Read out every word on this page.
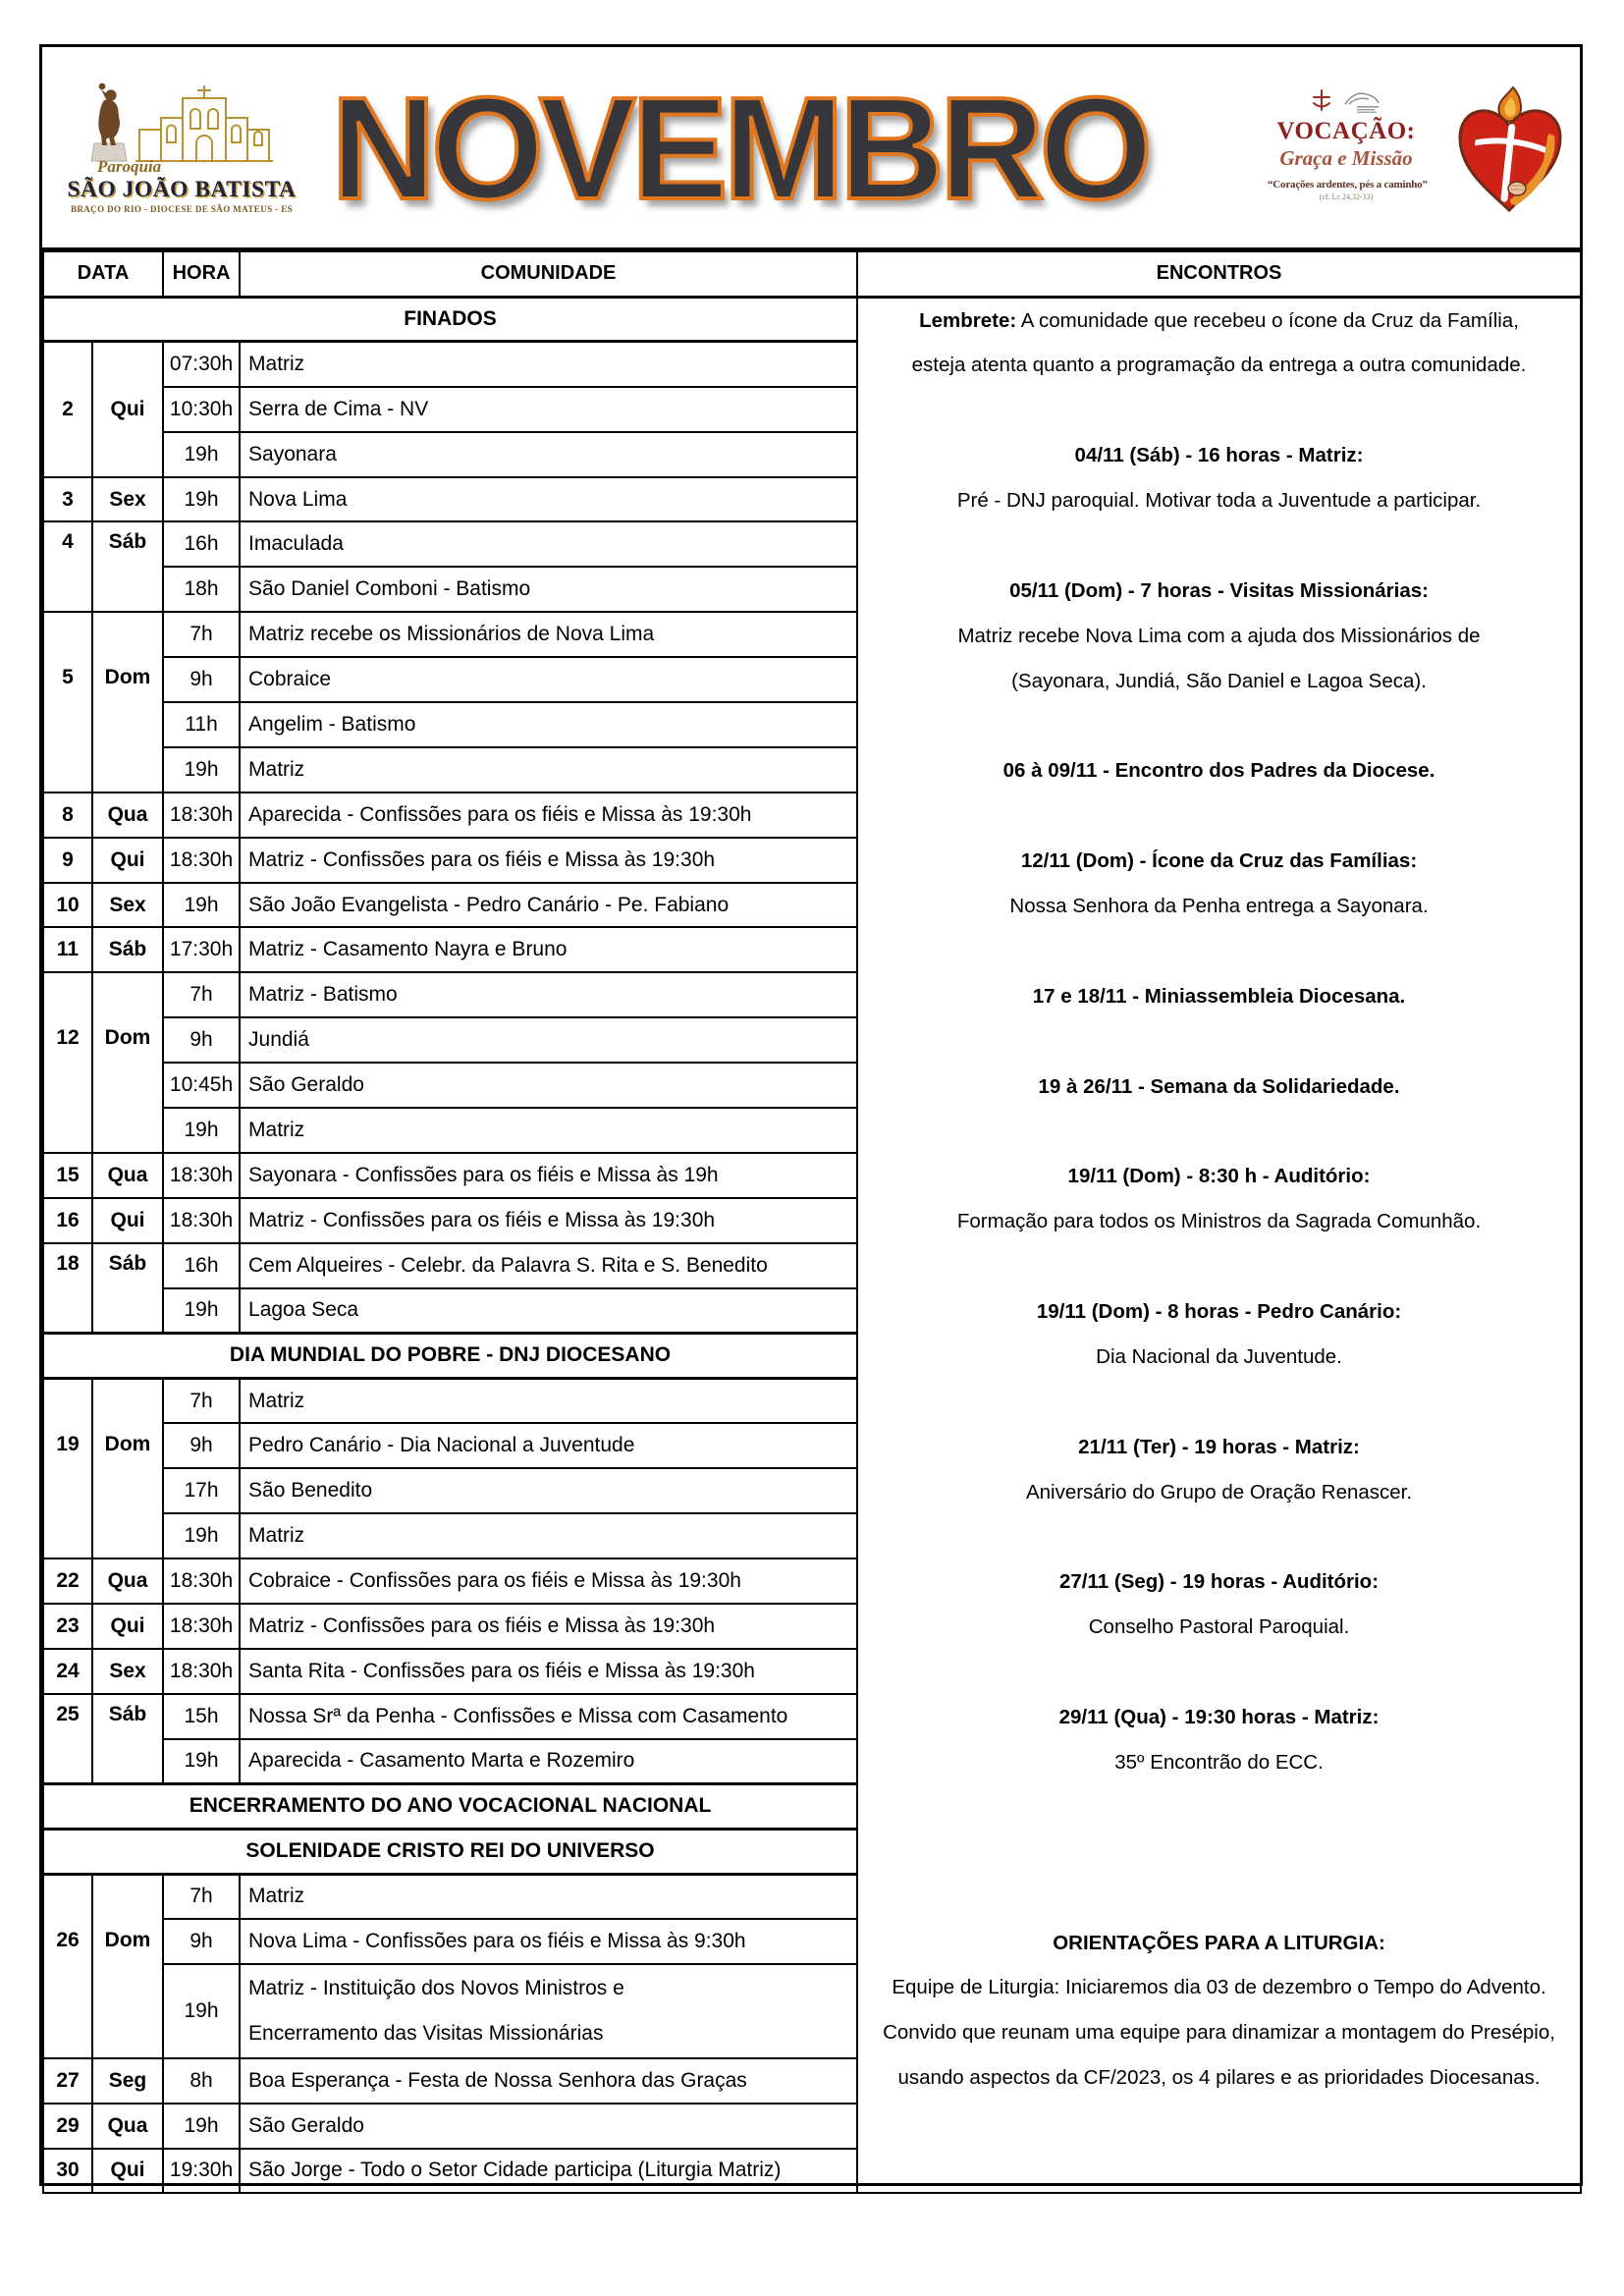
Paroquia
SÃO JOÃO BATISTA
BRAÇO DO RIO - DIOCESE DE SÃO MATEUS - ES NOVEMBRO	VOCAÇÃO:
Graça e Missão
“Corações ardentes, pés a caminho”
(cf. Lc 24,32-33)
DATA		HORA	COMUNIDADE	ENCONTROS
FINADOS	Lembrete: A comunidade que recebeu o ícone da Cruz da Família,
esteja atenta quanto a programação da entrega a outra comunidade.
04/11 (Sáb) - 16 horas - Matriz:
Pré - DNJ paroquial. Motivar toda a Juventude a participar.
05/11 (Dom) - 7 horas - Visitas Missionárias:
Matriz recebe Nova Lima com a ajuda dos Missionários de
(Sayonara, Jundiá, São Daniel e Lagoa Seca).
06 à 09/11 - Encontro dos Padres da Diocese.
12/11 (Dom) - Ícone da Cruz das Famílias:
Nossa Senhora da Penha entrega a Sayonara.
17 e 18/11 - Miniassembleia Diocesana.
19 à 26/11 - Semana da Solidariedade.
19/11 (Dom) - 8:30 h - Auditório:
Formação para todos os Ministros da Sagrada Comunhão.
19/11 (Dom) - 8 horas - Pedro Canário:
Dia Nacional da Juventude.
21/11 (Ter) - 19 horas - Matriz:
Aniversário do Grupo de Oração Renascer.
27/11 (Seg) - 19 horas - Auditório:
Conselho Pastoral Paroquial.
29/11 (Qua) - 19:30 horas - Matriz:
35º Encontrão do ECC.
ORIENTAÇÕES PARA A LITURGIA:
Equipe de Liturgia: Iniciaremos dia 03 de dezembro o Tempo do Advento.
Convido que reunam uma equipe para dinamizar a montagem do Presépio,
usando aspectos da CF/2023, os 4 pilares e as prioridades Diocesanas.

2	Qui	07:30h	Matriz	
		10:30h	Serra de Cima - NV	
		19h	Sayonara	
3	Sex	19h	Nova Lima	
4	Sáb	16h	Imaculada	
		18h	São Daniel Comboni - Batismo	
5	Dom	7h	Matriz recebe os Missionários de Nova Lima	
		9h	Cobraice	
		11h	Angelim - Batismo	
		19h	Matriz	
8	Qua	18:30h	Aparecida - Confissões para os fiéis e Missa às 19:30h	
9	Qui	18:30h	Matriz - Confissões para os fiéis e Missa às 19:30h	
10	Sex	19h	São João Evangelista - Pedro Canário - Pe. Fabiano	
11	Sáb	17:30h	Matriz - Casamento Nayra e Bruno	
12	Dom	7h	Matriz - Batismo	
		9h	Jundiá	
		10:45h	São Geraldo	
		19h	Matriz	
15	Qua	18:30h	Sayonara - Confissões para os fiéis e Missa às 19h	
16	Qui	18:30h	Matriz - Confissões para os fiéis e Missa às 19:30h	
18	Sáb	16h	Cem Alqueires - Celebr. da Palavra S. Rita e S. Benedito	
		19h	Lagoa Seca	
DIA MUNDIAL DO POBRE - DNJ DIOCESANO				
19	Dom	7h	Matriz	
		9h	Pedro Canário - Dia Nacional a Juventude	
		17h	São Benedito	
		19h	Matriz	
22	Qua	18:30h	Cobraice - Confissões para os fiéis e Missa às 19:30h	
23	Qui	18:30h	Matriz - Confissões para os fiéis e Missa às 19:30h	
24	Sex	18:30h	Santa Rita - Confissões para os fiéis e Missa às 19:30h	
25	Sáb	15h	Nossa Srª da Penha - Confissões e Missa com Casamento	
		19h	Aparecida - Casamento Marta e Rozemiro	
ENCERRAMENTO DO ANO VOCACIONAL NACIONAL				
SOLENIDADE CRISTO REI DO UNIVERSO				
26	Dom	7h	Matriz	
		9h	Nova Lima - Confissões para os fiéis e Missa às 9:30h	
		19h	Matriz - Instituição dos Novos Ministros e
Encerramento das Visitas Missionárias	

27	Seg	8h	Boa Esperança - Festa de Nossa Senhora das Graças	
29	Qua	19h	São Geraldo	
30	Qui	19:30h	São Jorge - Todo o Setor Cidade participa (Liturgia Matriz)	
